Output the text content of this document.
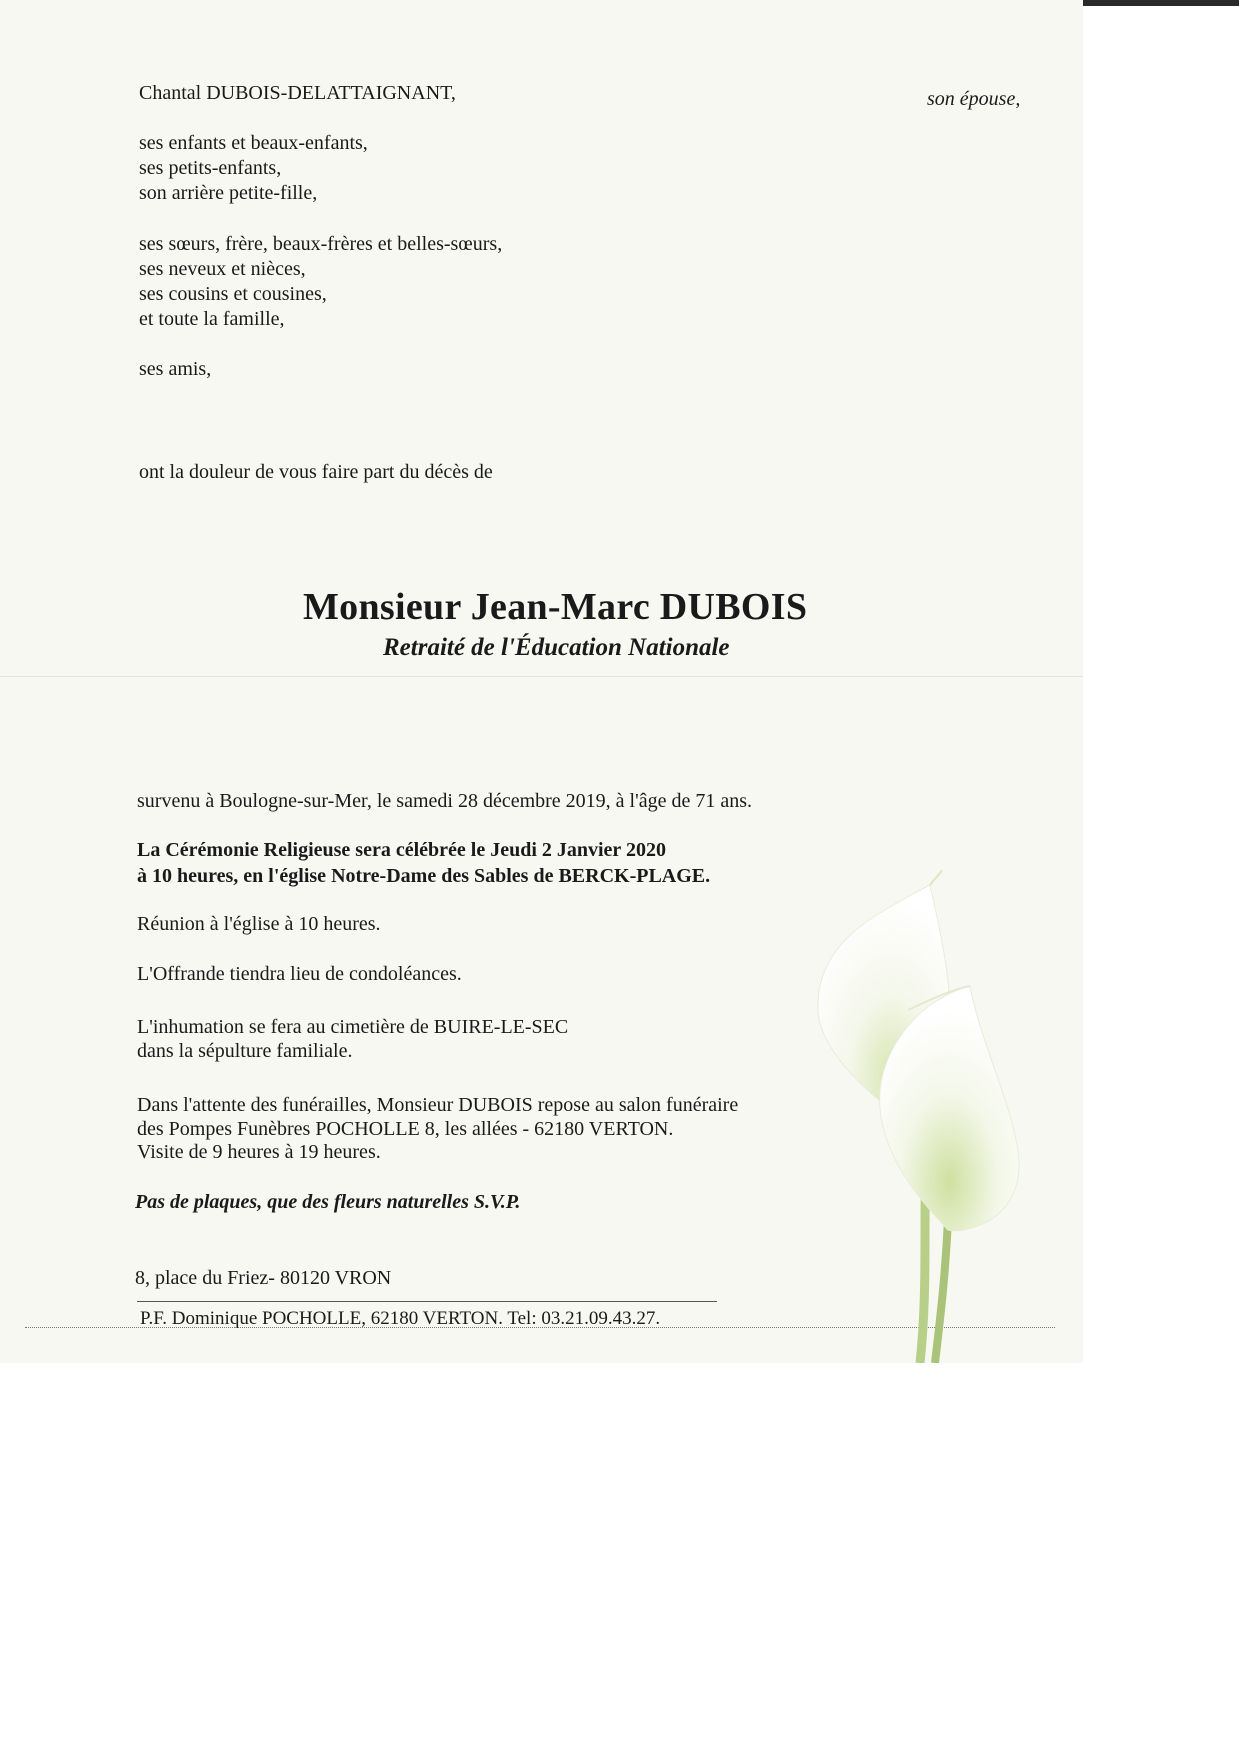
Chantal DUBOIS-DELATTAIGNANT,	son épouse,
ses enfants et beaux-enfants,
ses petits-enfants,
son arrière petite-fille,
ses sœurs, frère, beaux-frères et belles-sœurs,
ses neveux et nièces,
ses cousins et cousines,
et toute la famille,
ses amis,
ont la douleur de vous faire part du décès de
Monsieur Jean-Marc DUBOIS
Retraité de l'Éducation Nationale
survenu à Boulogne-sur-Mer, le samedi 28 décembre 2019, à l'âge de 71 ans.
La Cérémonie Religieuse sera célébrée le Jeudi 2 Janvier 2020
à 10 heures, en l'église Notre-Dame des Sables de BERCK-PLAGE.
Réunion à l'église à 10 heures.
L'Offrande tiendra lieu de condoléances.
L'inhumation se fera au cimetière de BUIRE-LE-SEC
dans la sépulture familiale.
Dans l'attente des funérailles, Monsieur DUBOIS repose au salon funéraire
des Pompes Funèbres POCHOLLE 8, les allées - 62180 VERTON.
Visite de 9 heures à 19 heures.
Pas de plaques, que des fleurs naturelles S.V.P.
8, place du Friez- 80120 VRON
P.F. Dominique POCHOLLE, 62180 VERTON. Tel: 03.21.09.43.27.
